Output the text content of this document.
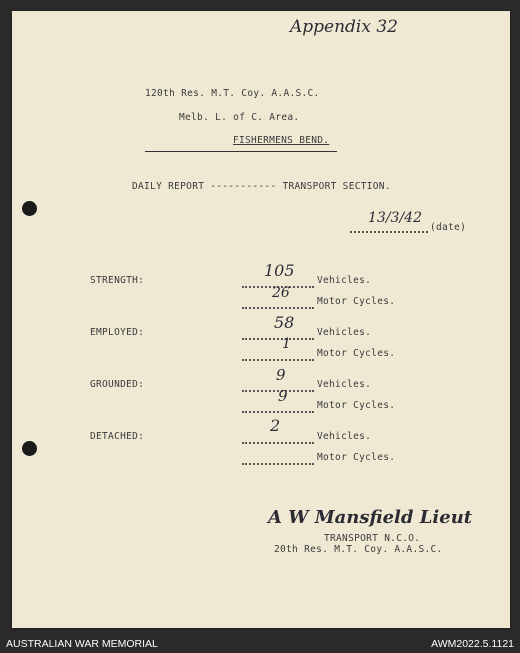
Appendix 32
120th Res. M.T. Coy. A.A.S.C.
Melb. L. of C. Area.
FISHERMENS BEND.
DAILY REPORT ----------- TRANSPORT SECTION.
13/3/42
(date)
STRENGTH:
105
Vehicles.
26
Motor Cycles.
EMPLOYED:
58
Vehicles.
1
Motor Cycles.
GROUNDED:
9
Vehicles.
9
Motor Cycles.
DETACHED:
2
Vehicles.
Motor Cycles.
A W Mansfield Lieut
TRANSPORT N.C.O.
20th Res. M.T. Coy. A.A.S.C.
AUSTRALIAN WAR MEMORIAL	AWM2022.5.1121
